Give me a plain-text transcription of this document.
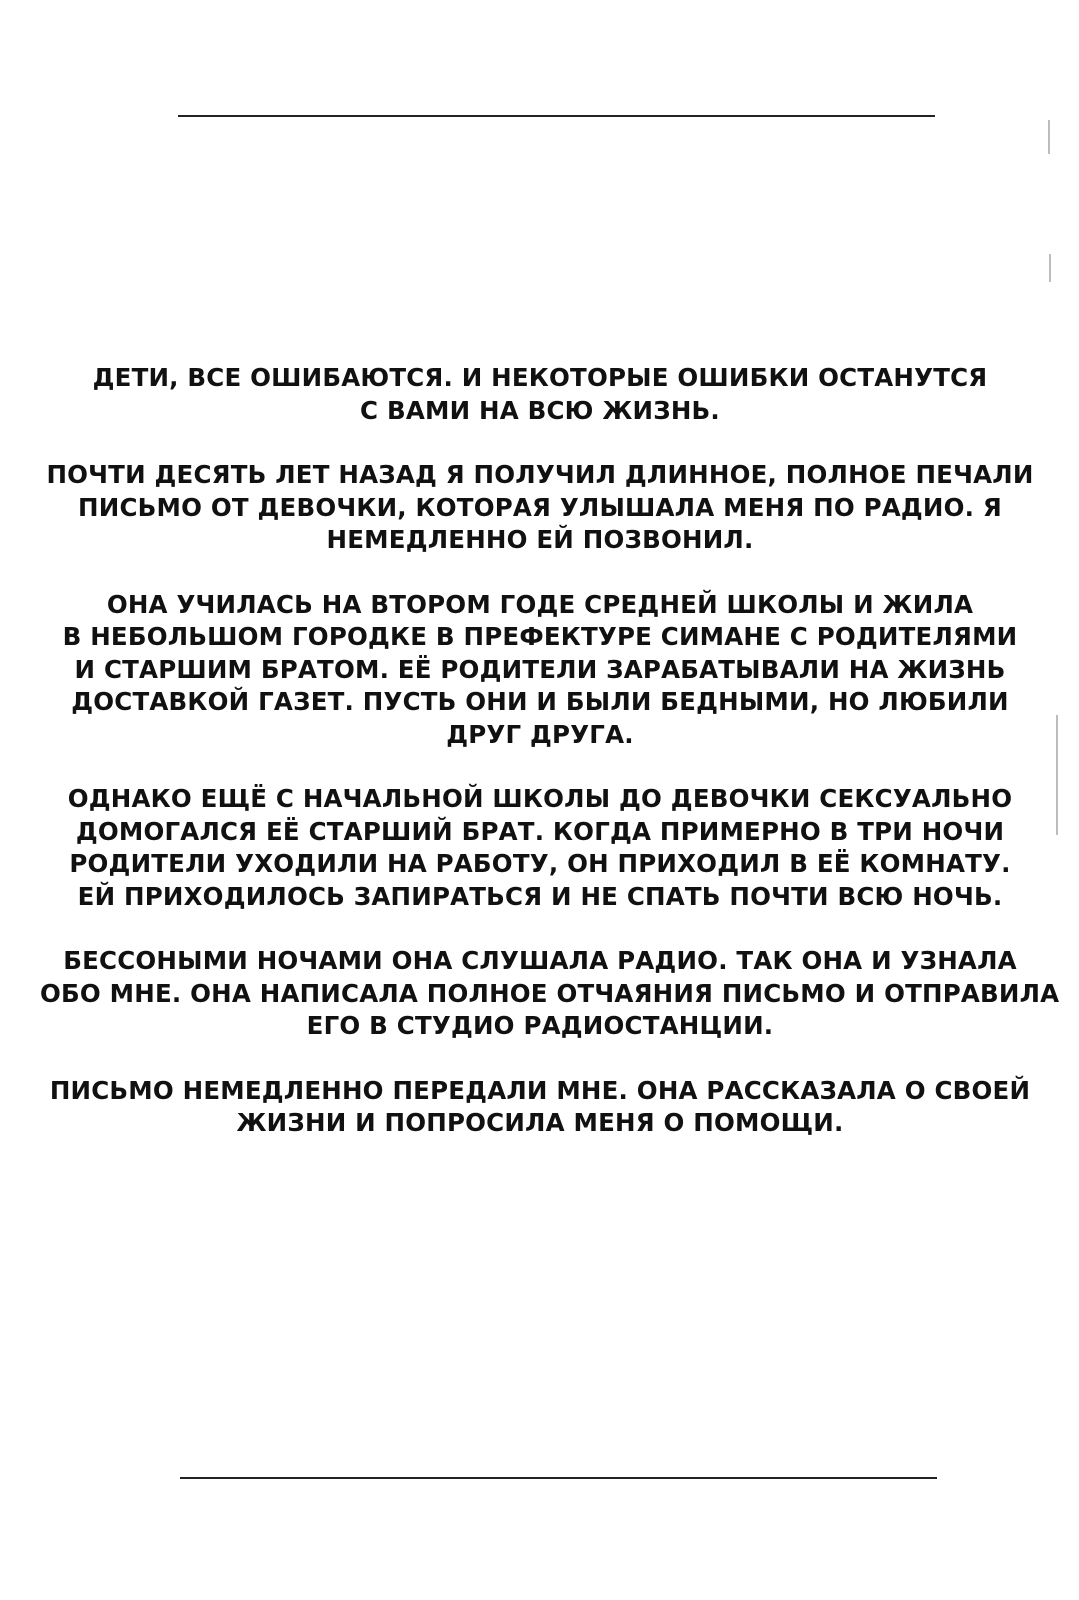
ДЕТИ, ВСЕ ОШИБАЮТСЯ. И НЕКОТОРЫЕ ОШИБКИ ОСТАНУТСЯ
С ВАМИ НА ВСЮ ЖИЗНЬ.

ПОЧТИ ДЕСЯТЬ ЛЕТ НАЗАД Я ПОЛУЧИЛ ДЛИННОЕ, ПОЛНОЕ ПЕЧАЛИ
ПИСЬМО ОТ ДЕВОЧКИ, КОТОРАЯ УЛЫШАЛА МЕНЯ ПО РАДИО. Я
НЕМЕДЛЕННО ЕЙ ПОЗВОНИЛ.

ОНА УЧИЛАСЬ НА ВТОРОМ ГОДЕ СРЕДНЕЙ ШКОЛЫ И ЖИЛА
В НЕБОЛЬШОМ ГОРОДКЕ В ПРЕФЕКТУРЕ СИМАНЕ С РОДИТЕЛЯМИ
И СТАРШИМ БРАТОМ. ЕЁ РОДИТЕЛИ ЗАРАБАТЫВАЛИ НА ЖИЗНЬ
ДОСТАВКОЙ ГАЗЕТ. ПУСТЬ ОНИ И БЫЛИ БЕДНЫМИ, НО ЛЮБИЛИ
ДРУГ ДРУГА.

ОДНАКО ЕЩЁ С НАЧАЛЬНОЙ ШКОЛЫ ДО ДЕВОЧКИ СЕКСУАЛЬНО
ДОМОГАЛСЯ ЕЁ СТАРШИЙ БРАТ. КОГДА ПРИМЕРНО В ТРИ НОЧИ
РОДИТЕЛИ УХОДИЛИ НА РАБОТУ, ОН ПРИХОДИЛ В ЕЁ КОМНАТУ.
ЕЙ ПРИХОДИЛОСЬ ЗАПИРАТЬСЯ И НЕ СПАТЬ ПОЧТИ ВСЮ НОЧЬ.

БЕССОНЫМИ НОЧАМИ ОНА СЛУШАЛА РАДИО. ТАК ОНА И УЗНАЛА
ОБО МНЕ. ОНА НАПИСАЛА ПОЛНОЕ ОТЧАЯНИЯ ПИСЬМО И ОТПРАВИЛА
ЕГО В СТУДИО РАДИОСТАНЦИИ.

ПИСЬМО НЕМЕДЛЕННО ПЕРЕДАЛИ МНЕ. ОНА РАССКАЗАЛА О СВОЕЙ
ЖИЗНИ И ПОПРОСИЛА МЕНЯ О ПОМОЩИ.
